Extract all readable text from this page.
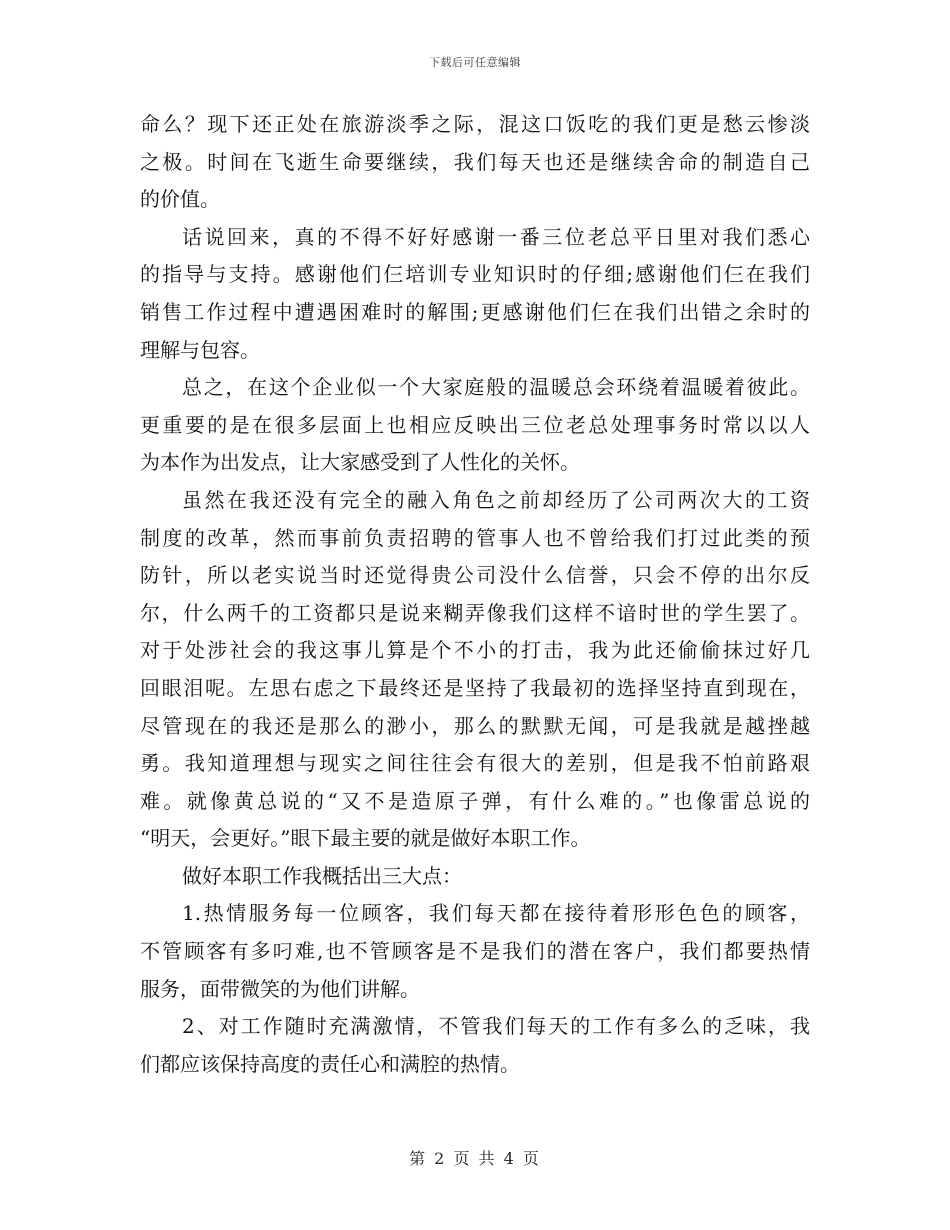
下载后可任意编辑
命么？现下还正处在旅游淡季之际，混这口饭吃的我们更是愁云惨淡
之极。时间在飞逝生命要继续，我们每天也还是继续舍命的制造自己
的价值。
话说回来，真的不得不好好感谢一番三位老总平日里对我们悉心
的指导与支持。感谢他们仨培训专业知识时的仔细;感谢他们仨在我们
销售工作过程中遭遇困难时的解围;更感谢他们仨在我们出错之余时的
理解与包容。
总之，在这个企业似一个大家庭般的温暖总会环绕着温暖着彼此。
更重要的是在很多层面上也相应反映出三位老总处理事务时常以以人
为本作为出发点，让大家感受到了人性化的关怀。
虽然在我还没有完全的融入角色之前却经历了公司两次大的工资
制度的改革，然而事前负责招聘的管事人也不曾给我们打过此类的预
防针，所以老实说当时还觉得贵公司没什么信誉，只会不停的出尔反
尔，什么两千的工资都只是说来糊弄像我们这样不谙时世的学生罢了。
对于处涉社会的我这事儿算是个不小的打击，我为此还偷偷抹过好几
回眼泪呢。左思右虑之下最终还是坚持了我最初的选择坚持直到现在，
尽管现在的我还是那么的渺小，那么的默默无闻，可是我就是越挫越
勇。我知道理想与现实之间往往会有很大的差别，但是我不怕前路艰
难。就像黄总说的“又不是造原子弹，有什么难的。”也像雷总说的
“明天，会更好。”眼下最主要的就是做好本职工作。
做好本职工作我概括出三大点：
1.热情服务每一位顾客，我们每天都在接待着形形色色的顾客，
不管顾客有多叼难,也不管顾客是不是我们的潜在客户，我们都要热情
服务，面带微笑的为他们讲解。
2、对工作随时充满激情，不管我们每天的工作有多么的乏味，我
们都应该保持高度的责任心和满腔的热情。
第 2 页 共 4 页
